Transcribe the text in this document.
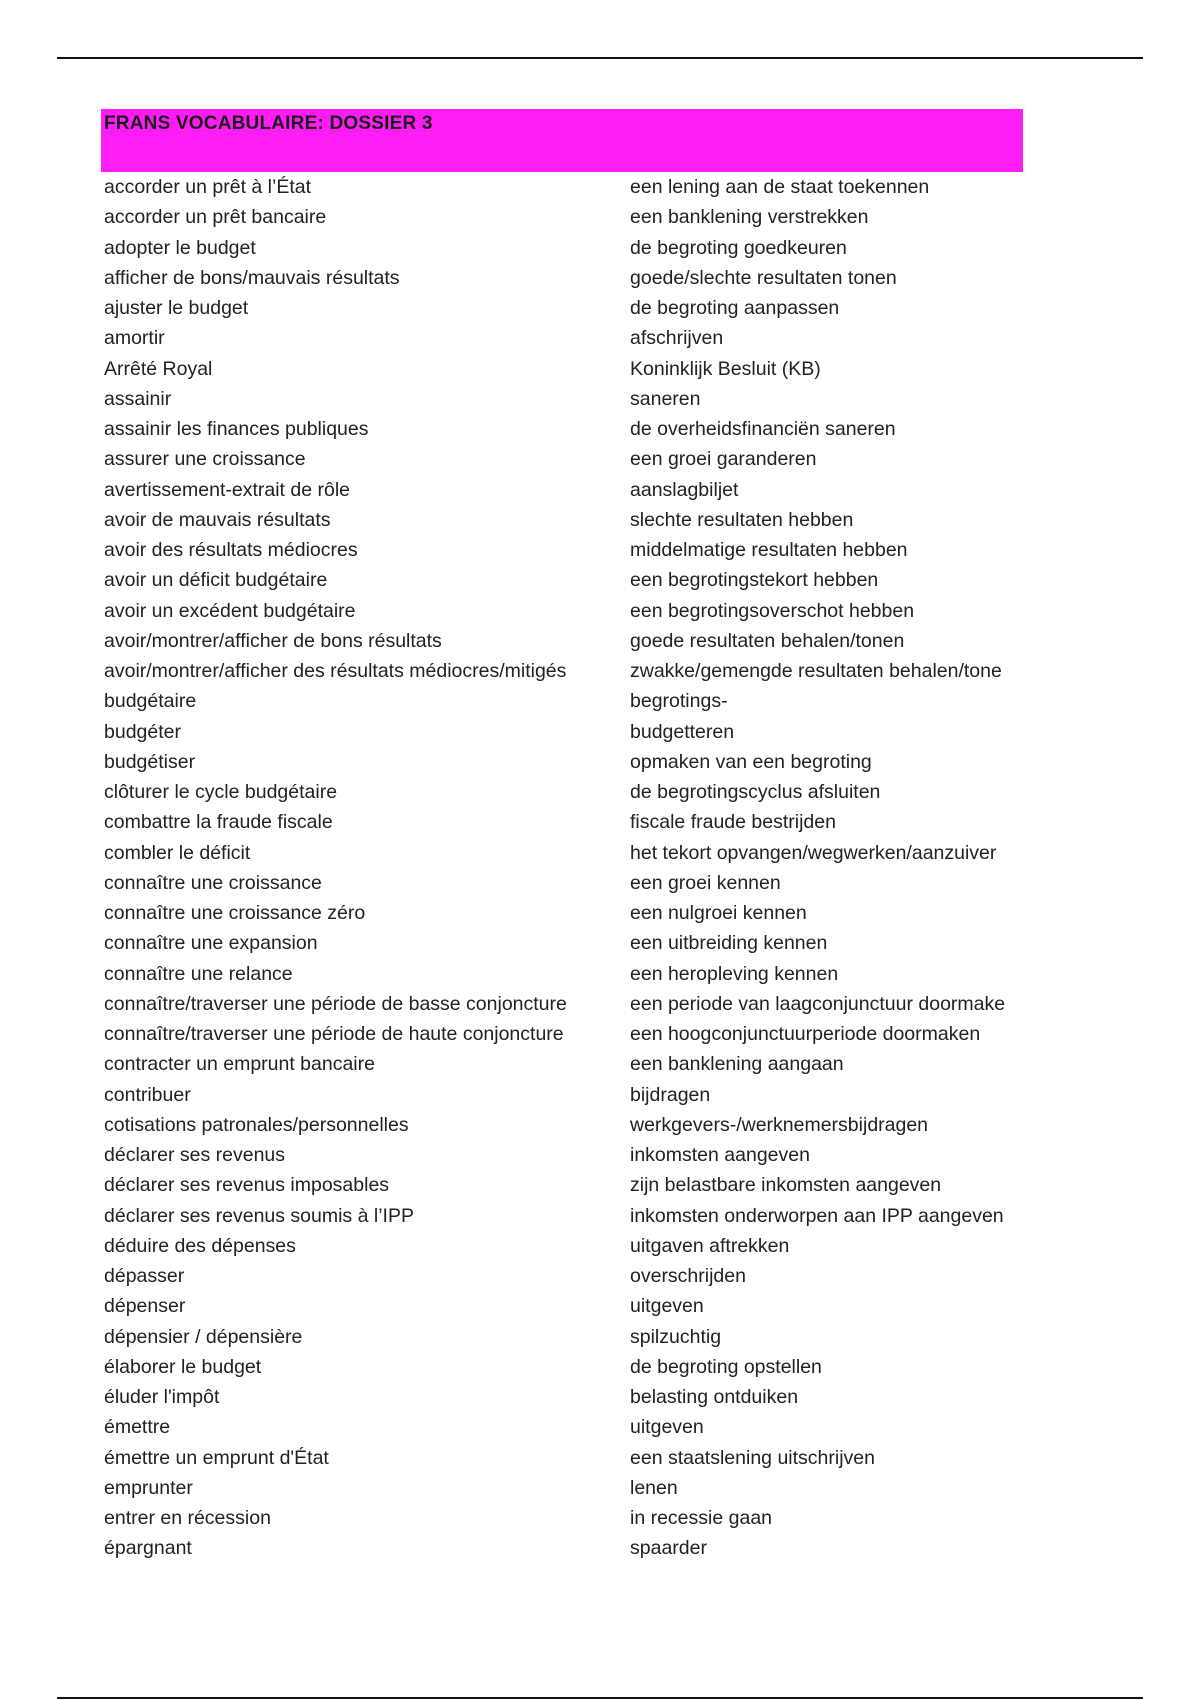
FRANS VOCABULAIRE: DOSSIER 3
accorder un prêt à l’État	een lening aan de staat toekennen
accorder un prêt bancaire	een banklening verstrekken
adopter le budget	de begroting goedkeuren
afficher de bons/mauvais résultats	goede/slechte resultaten tonen
ajuster le budget	de begroting aanpassen
amortir	afschrijven
Arrêté Royal	Koninklijk Besluit (KB)
assainir	saneren
assainir les finances publiques	de overheidsfinanciën saneren
assurer une croissance	een groei garanderen
avertissement-extrait de rôle	aanslagbiljet
avoir de mauvais résultats	slechte resultaten hebben
avoir des résultats médiocres	middelmatige resultaten hebben
avoir un déficit budgétaire	een begrotingstekort hebben
avoir un excédent budgétaire	een begrotingsoverschot hebben
avoir/montrer/afficher de bons résultats	goede resultaten behalen/tonen
avoir/montrer/afficher des résultats médiocres/mitigés	zwakke/gemengde resultaten behalen/tone
budgétaire	begrotings-
budgéter	budgetteren
budgétiser	opmaken van een begroting
clôturer le cycle budgétaire	de begrotingscyclus afsluiten
combattre la fraude fiscale	fiscale fraude bestrijden
combler le déficit	het tekort opvangen/wegwerken/aanzuiver
connaître une croissance	een groei kennen
connaître une croissance zéro	een nulgroei kennen
connaître une expansion	een uitbreiding kennen
connaître une relance	een heropleving kennen
connaître/traverser une période de basse conjoncture	een periode van laagconjunctuur doormake
connaître/traverser une période de haute conjoncture	een hoogconjunctuurperiode doormaken
contracter un emprunt bancaire	een banklening aangaan
contribuer	bijdragen
cotisations patronales/personnelles	werkgevers-/werknemersbijdragen
déclarer ses revenus	inkomsten aangeven
déclarer ses revenus imposables	zijn belastbare inkomsten aangeven
déclarer ses revenus soumis à l’IPP	inkomsten onderworpen aan IPP aangeven
déduire des dépenses	uitgaven aftrekken
dépasser	overschrijden
dépenser	uitgeven
dépensier / dépensière	spilzuchtig
élaborer le budget	de begroting opstellen
éluder l'impôt	belasting ontduiken
émettre	uitgeven
émettre un emprunt d'État	een staatslening uitschrijven
emprunter	lenen
entrer en récession	in recessie gaan
épargnant	spaarder
